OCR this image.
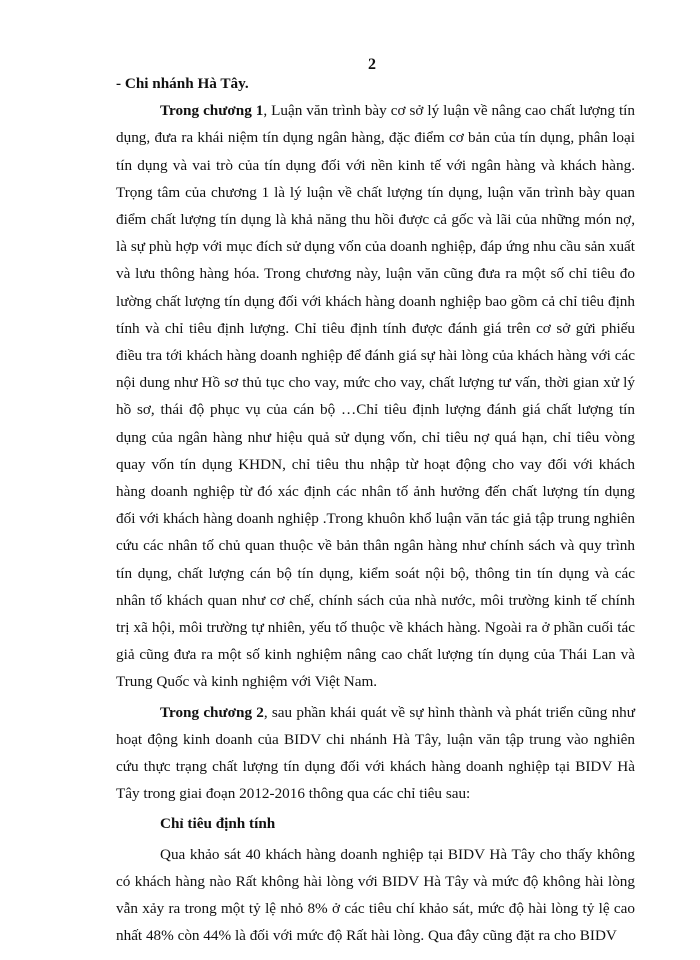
2

- Chi nhánh Hà Tây.

Trong chương 1, Luận văn trình bày cơ sở lý luận về nâng cao chất lượng tín dụng, đưa ra khái niệm tín dụng ngân hàng, đặc điểm cơ bản của tín dụng, phân loại tín dụng và vai trò của tín dụng đối với nền kinh tế với ngân hàng và khách hàng. Trọng tâm của chương 1 là lý luận về chất lượng tín dụng, luận văn trình bày quan điểm chất lượng tín dụng là khả năng thu hồi được cả gốc và lãi của những món nợ, là sự phù hợp với mục đích sử dụng vốn của doanh nghiệp, đáp ứng nhu cầu sản xuất và lưu thông hàng hóa. Trong chương này, luận văn cũng đưa ra một số chỉ tiêu đo lường chất lượng tín dụng đối với khách hàng doanh nghiệp bao gồm cả chỉ tiêu định tính và chỉ tiêu định lượng. Chỉ tiêu định tính được đánh giá trên cơ sở gửi phiếu điều tra tới khách hàng doanh nghiệp để đánh giá sự hài lòng của khách hàng với các nội dung như Hồ sơ thủ tục cho vay, mức cho vay, chất lượng tư vấn, thời gian xử lý hồ sơ, thái độ phục vụ của cán bộ …Chỉ tiêu định lượng đánh giá chất lượng tín dụng của ngân hàng như hiệu quả sử dụng vốn, chỉ tiêu nợ quá hạn, chỉ tiêu vòng quay vốn tín dụng KHDN, chỉ tiêu thu nhập từ hoạt động cho vay đối với khách hàng doanh nghiệp từ đó xác định các nhân tố ảnh hưởng đến chất lượng tín dụng đối với khách hàng doanh nghiệp .Trong khuôn khổ luận văn tác giả tập trung nghiên cứu các nhân tố chủ quan thuộc về bản thân ngân hàng như chính sách và quy trình tín dụng, chất lượng cán bộ tín dụng, kiểm soát nội bộ, thông tin tín dụng và các nhân tố khách quan như cơ chế, chính sách của nhà nước, môi trường kinh tế chính trị xã hội, môi trường tự nhiên, yếu tố thuộc về khách hàng. Ngoài ra ở phần cuối tác giả cũng đưa ra một số kinh nghiệm nâng cao chất lượng tín dụng của Thái Lan và Trung Quốc và kinh nghiệm với Việt Nam.

Trong chương 2, sau phần khái quát về sự hình thành và phát triển cũng như hoạt động kinh doanh của BIDV chi nhánh Hà Tây, luận văn tập trung vào nghiên cứu thực trạng chất lượng tín dụng đối với khách hàng doanh nghiệp tại BIDV Hà Tây trong giai đoạn 2012-2016 thông qua các chỉ tiêu sau:

Chỉ tiêu định tính

Qua khảo sát 40 khách hàng doanh nghiệp tại BIDV Hà Tây cho thấy không có khách hàng nào Rất không hài lòng với BIDV Hà Tây và mức độ không hài lòng vẫn xảy ra trong một tỷ lệ nhỏ 8% ở các tiêu chí khảo sát, mức độ hài lòng tỷ lệ cao nhất 48% còn 44% là đối với mức độ Rất hài lòng. Qua đây cũng đặt ra cho BIDV
